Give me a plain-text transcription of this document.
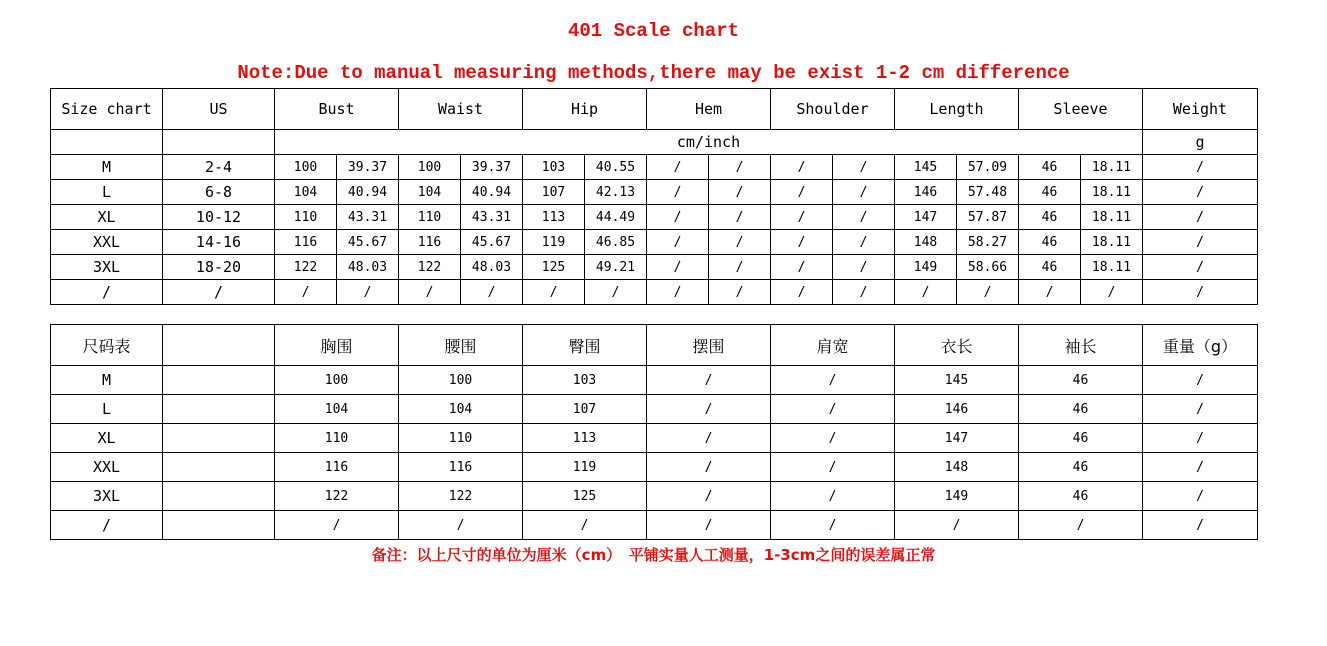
401 Scale chart
Note:Due to manual measuring methods,there may be exist 1-2 cm difference
Size chart	US	Bust		Waist		Hip		Hem		Shoulder		Length		Sleeve		Weight
		cm/inch														g
M	2-4	100	39.37	100	39.37	103	40.55	/	/	/	/	145	57.09	46	18.11	/
L	6-8	104	40.94	104	40.94	107	42.13	/	/	/	/	146	57.48	46	18.11	/
XL	10-12	110	43.31	110	43.31	113	44.49	/	/	/	/	147	57.87	46	18.11	/
XXL	14-16	116	45.67	116	45.67	119	46.85	/	/	/	/	148	58.27	46	18.11	/
3XL	18-20	122	48.03	122	48.03	125	49.21	/	/	/	/	149	58.66	46	18.11	/
/	/	/	/	/	/	/	/	/	/	/	/	/	/	/	/	/
尺码表		胸围	腰围	臀围	摆围	肩宽	衣长	袖长	重量（g）
M		100	100	103	/	/	145	46	/
L		104	104	107	/	/	146	46	/
XL		110	110	113	/	/	147	46	/
XXL		116	116	119	/	/	148	46	/
3XL		122	122	125	/	/	149	46	/
/		/	/	/	/	/	/	/	/
备注：以上尺寸的单位为厘米（cm）　平铺实量人工测量，1-3cm之间的误差属正常
